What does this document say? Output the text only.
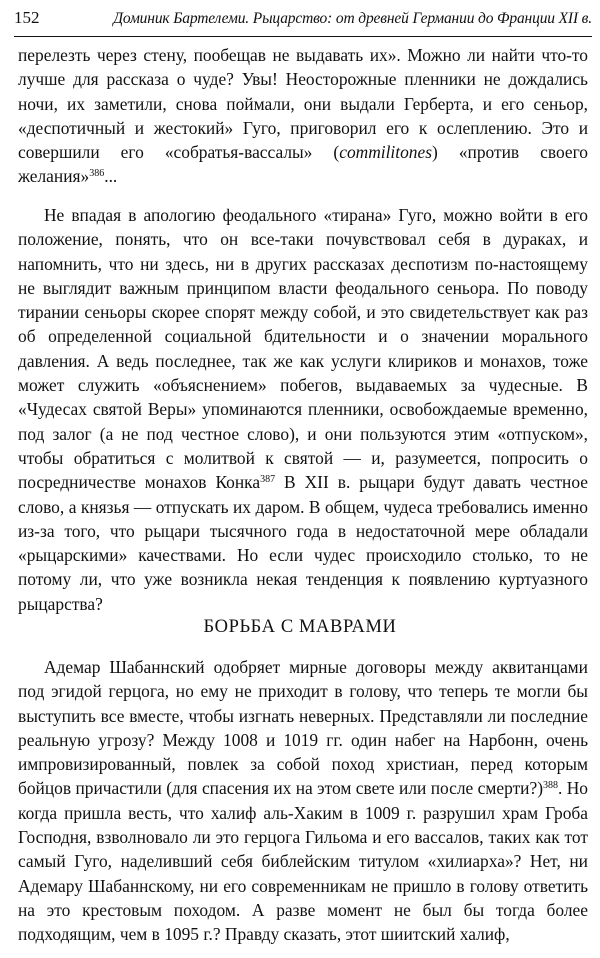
152	Доминик Бартелеми. Рыцарство: от древней Германии до Франции XII в.

перелезть через стену, пообещав не выдавать их». Можно ли найти что-то лучше для рассказа о чуде? Увы! Неосторожные пленники не дождались ночи, их заметили, снова поймали, они выдали Герберта, и его сеньор, «деспотичный и жестокий» Гуго, приговорил его к ослеплению. Это и совершили его «собратья-вассалы» (commilitones) «против своего желания»$^{386}$...

Не впадая в апологию феодального «тирана» Гуго, можно войти в его положение, понять, что он все-таки почувствовал себя в дураках, и напомнить, что ни здесь, ни в других рассказах деспотизм по-настоящему не выглядит важным принципом власти феодального сеньора. По поводу тирании сеньоры скорее спорят между собой, и это свидетельствует как раз об определенной социальной бдительности и о значении морального давления. А ведь последнее, так же как услуги клириков и монахов, тоже может служить «объяснением» побегов, выдаваемых за чудесные. В «Чудесах святой Веры» упоминаются пленники, освобождаемые временно, под залог (а не под честное слово), и они пользуются этим «отпуском», чтобы обратиться с молитвой к святой — и, разумеется, попросить о посредничестве монахов Конка$^{387}$ В XII в. рыцари будут давать честное слово, а князья — отпускать их даром. В общем, чудеса требовались именно из-за того, что рыцари тысячного года в недостаточной мере обладали «рыцарскими» качествами. Но если чудес происходило столько, то не потому ли, что уже возникла некая тенденция к появлению куртуазного рыцарства?

БОРЬБА С МАВРАМИ

Адемар Шабаннский одобряет мирные договоры между аквитанцами под эгидой герцога, но ему не приходит в голову, что теперь те могли бы выступить все вместе, чтобы изгнать неверных. Представляли ли последние реальную угрозу? Между 1008 и 1019 гг. один набег на Нарбонн, очень импровизированный, повлек за собой поход христиан, перед которым бойцов причастили (для спасения их на этом свете или после смерти?)$^{388}$. Но когда пришла весть, что халиф аль-Хаким в 1009 г. разрушил храм Гроба Господня, взволновало ли это герцога Гильома и его вассалов, таких как тот самый Гуго, наделивший себя библейским титулом «хилиарха»? Нет, ни Адемару Шабаннскому, ни его современникам не пришло в голову ответить на это крестовым походом. А разве момент не был бы тогда более подходящим, чем в 1095 г.? Правду сказать, этот шиитский халиф,
